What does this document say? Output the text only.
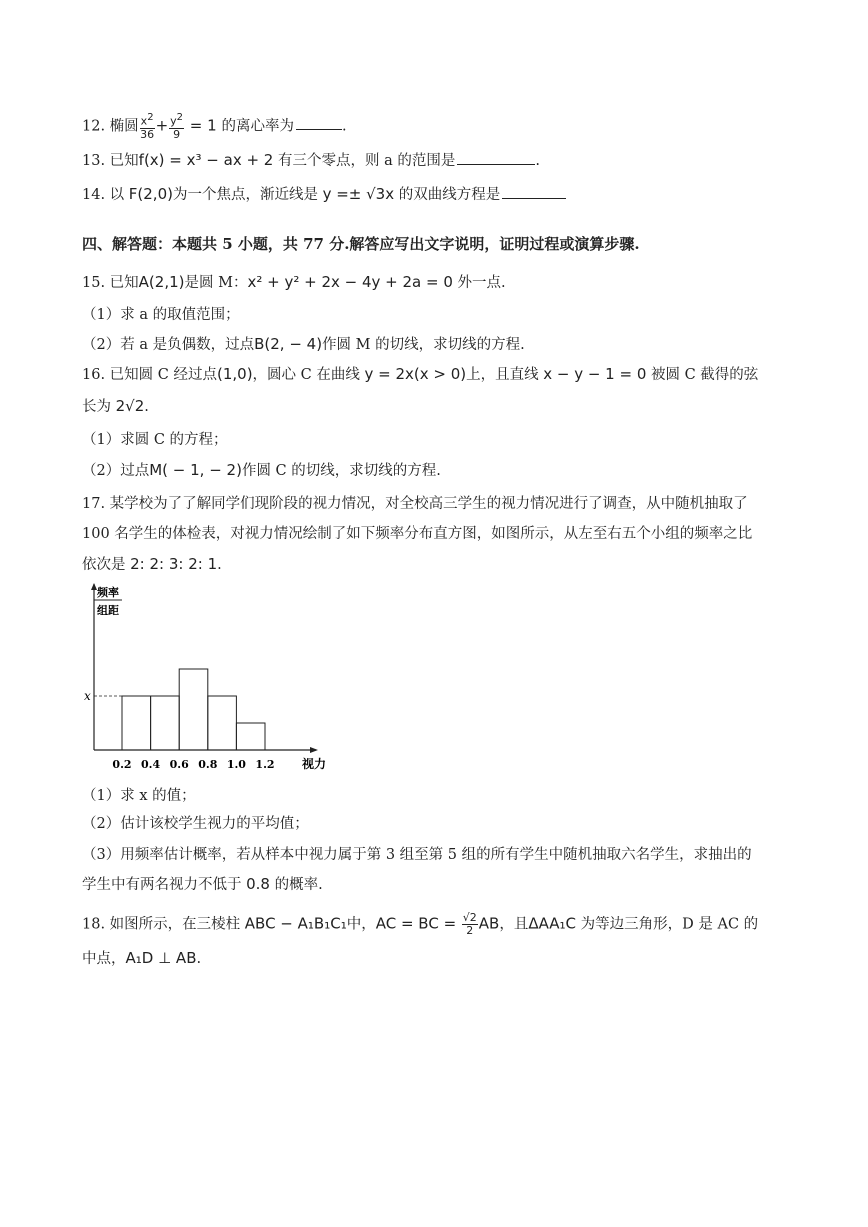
12. 椭圆 $\frac{x^2}{36} + \frac{y^2}{9} = 1$ 的离心率为	.
13. 已知f(x) = x³ − ax + 2 有三个零点，则 a 的范围是	.
14. 以 F(2,0)为一个焦点，渐近线是 y =± √3x 的双曲线方程是
四、解答题：本题共 5 小题，共 77 分.解答应写出文字说明，证明过程或演算步骤.
15. 已知A(2,1)是圆 M：x² + y² + 2x − 4y + 2a = 0 外一点.
（1）求 a 的取值范围；
（2）若 a 是负偶数，过点B(2, − 4)作圆 M 的切线，求切线的方程.
16. 已知圆 C 经过点(1,0)，圆心 C 在曲线 y = 2x(x > 0)上，且直线 x − y − 1 = 0 被圆 C 截得的弦
长为 2√2.
（1）求圆 C 的方程；
（2）过点M( − 1, − 2)作圆 C 的切线，求切线的方程.
17. 某学校为了了解同学们现阶段的视力情况，对全校高三学生的视力情况进行了调查，从中随机抽取了
100 名学生的体检表，对视力情况绘制了如下频率分布直方图，如图所示，从左至右五个小组的频率之比
依次是 2: 2: 3: 2: 1.
频率
组距
x
0.2 0.4 0.6 0.8 1.0 1.2 视力
（1）求 x 的值；
（2）估计该校学生视力的平均值；
（3）用频率估计概率，若从样本中视力属于第 3 组至第 5 组的所有学生中随机抽取六名学生，求抽出的
学生中有两名视力不低于 0.8 的概率.
18. 如图所示，在三棱柱 ABC − A₁B₁C₁中，AC = BC = $\frac{√2}{2}$ AB，且ΔAA₁C 为等边三角形，D 是 AC 的
中点，A₁D ⊥ AB.
